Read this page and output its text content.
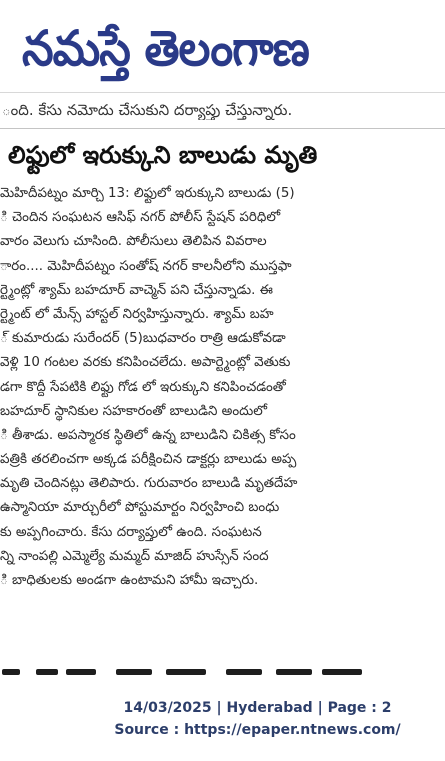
నమస్తే తెలంగాణ
ంది. కేసు నమోదు చేసుకుని దర్యాప్తు చేస్తున్నారు.
లిఫ్టులో ఇరుక్కుని బాలుడు మృతి
మెహిదీపట్నం మార్చి 13: లిఫ్టులో ఇరుక్కుని బాలుడు (5)
ి చెందిన సంఘటన ఆసిఫ్ నగర్ పోలీస్ స్టేషన్ పరిధిలో
వారం వెలుగు చూసింది. పోలీసులు తెలిపిన వివరాల
ారం.... మెహిదీపట్నం సంతోష్ నగర్ కాలనీలోని ముస్తఫా
ర్ట్మెంట్లో శ్యామ్ బహదూర్ వాచ్మెన్ పని చేస్తున్నాడు. ఈ
ర్ట్మెంట్ లో మేన్స్ హాస్టల్ నిర్వహిస్తున్నారు. శ్యామ్ బహ
్ కుమారుడు సురేందర్ (5)బుధవారం రాత్రి ఆడుకోవడా
వెళ్లి 10 గంటల వరకు కనిపించలేదు. అపార్ట్మెంట్లో వెతుకు
డగా కొద్దీ సేపటికి లిఫ్టు గోడ లో ఇరుక్కుని కనిపించడంతో
బహదూర్ స్థానికుల సహకారంతో బాలుడిని అందులో
ి తీశాడు. అపస్మారక స్థితిలో ఉన్న బాలుడిని చికిత్స కోసం
పత్రికి తరలించగా అక్కడ పరీక్షించిన డాక్టర్లు బాలుడు అప్ప
మృతి చెందినట్లు తెలిపారు. గురువారం బాలుడి మృతదేహ
ఉస్మానియా మార్చురీలో పోస్టుమార్టం నిర్వహించి బంధు
కు అప్పగించారు. కేసు దర్యాప్తులో ఉంది. సంఘటన
న్ని నాంపల్లి ఎమ్మెల్యే మమ్మద్ మాజిద్ హుస్సేన్ సంద
ి బాధితులకు అండగా ఉంటామని హామీ ఇచ్చారు.
14/03/2025 | Hyderabad | Page : 2
Source : https://epaper.ntnews.com/
